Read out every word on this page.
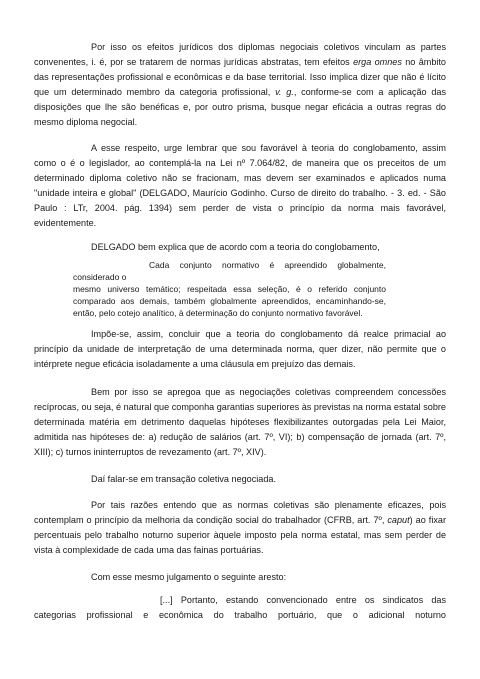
Por isso os efeitos jurídicos dos diplomas negociais coletivos vinculam as partes convenentes, i. é, por se tratarem de normas jurídicas abstratas, tem efeitos erga omnes no âmbito das representações profissional e econômicas e da base territorial. Isso implica dizer que não é lícito que um determinado membro da categoria profissional, v. g., conforme-se com a aplicação das disposições que lhe são benéficas e, por outro prisma, busque negar eficácia a outras regras do mesmo diploma negocial.

A esse respeito, urge lembrar que sou favorável à teoria do conglobamento, assim como o é o legislador, ao contemplá-la na Lei nº 7.064/82, de maneira que os preceitos de um determinado diploma coletivo não se fracionam, mas devem ser examinados e aplicados numa "unidade inteira e global" (DELGADO, Maurício Godinho. Curso de direito do trabalho. - 3. ed. - São Paulo : LTr, 2004. pág. 1394) sem perder de vista o princípio da norma mais favorável, evidentemente.

DELGADO bem explica que de acordo com a teoria do conglobamento,

Cada conjunto normativo é apreendido globalmente, considerado o
mesmo universo temático; respeitada essa seleção, é o referido conjunto comparado aos demais, também globalmente apreendidos, encaminhando-se, então, pelo cotejo analítico, à determinação do conjunto normativo favorável.

Impõe-se, assim, concluir que a teoria do conglobamento dá realce primacial ao princípio da unidade de interpretação de uma determinada norma, quer dizer, não permite que o intérprete negue eficácia isoladamente a uma cláusula em prejuízo das demais.

Bem por isso se apregoa que as negociações coletivas compreendem concessões recíprocas, ou seja, é natural que componha garantias superiores às previstas na norma estatal sobre determinada matéria em detrimento daquelas hipóteses flexibilizantes outorgadas pela Lei Maior, admitida nas hipóteses de: a) redução de salários (art. 7º, VI); b) compensação de jornada (art. 7º, XIII); c) turnos ininterruptos de revezamento (art. 7º, XIV).

Daí falar-se em transação coletiva negociada.

Por tais razões entendo que as normas coletivas são plenamente eficazes, pois contemplam o princípio da melhoria da condição social do trabalhador (CFRB, art. 7º, caput) ao fixar percentuais pelo trabalho noturno superior àquele imposto pela norma estatal, mas sem perder de vista à complexidade de cada uma das fainas portuárias.

Com esse mesmo julgamento o seguinte aresto:

[...] Portanto, estando convencionado entre os sindicatos das
categorias profissional e econômica do trabalho portuário, que o adicional noturno
